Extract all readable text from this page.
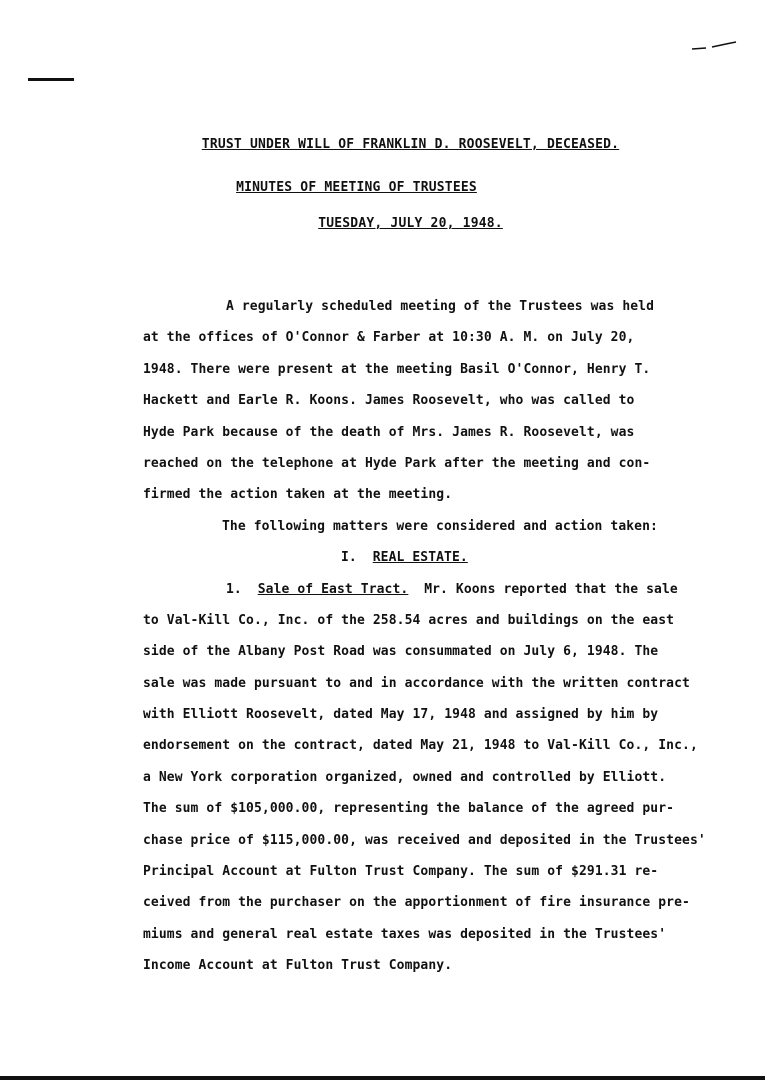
TRUST UNDER WILL OF FRANKLIN D. ROOSEVELT, DECEASED.
MINUTES OF MEETING OF TRUSTEES
TUESDAY, JULY 20, 1948.
A regularly scheduled meeting of the Trustees was held
at the offices of O'Connor & Farber at 10:30 A. M. on July 20,
1948. There were present at the meeting Basil O'Connor, Henry T.
Hackett and Earle R. Koons. James Roosevelt, who was called to
Hyde Park because of the death of Mrs. James R. Roosevelt, was
reached on the telephone at Hyde Park after the meeting and con-
firmed the action taken at the meeting.
The following matters were considered and action taken:
I. REAL ESTATE.
1. Sale of East Tract. Mr. Koons reported that the sale
to Val-Kill Co., Inc. of the 258.54 acres and buildings on the east
side of the Albany Post Road was consummated on July 6, 1948. The
sale was made pursuant to and in accordance with the written contract
with Elliott Roosevelt, dated May 17, 1948 and assigned by him by
endorsement on the contract, dated May 21, 1948 to Val-Kill Co., Inc.,
a New York corporation organized, owned and controlled by Elliott.
The sum of $105,000.00, representing the balance of the agreed pur-
chase price of $115,000.00, was received and deposited in the Trustees'
Principal Account at Fulton Trust Company. The sum of $291.31 re-
ceived from the purchaser on the apportionment of fire insurance pre-
miums and general real estate taxes was deposited in the Trustees'
Income Account at Fulton Trust Company.
